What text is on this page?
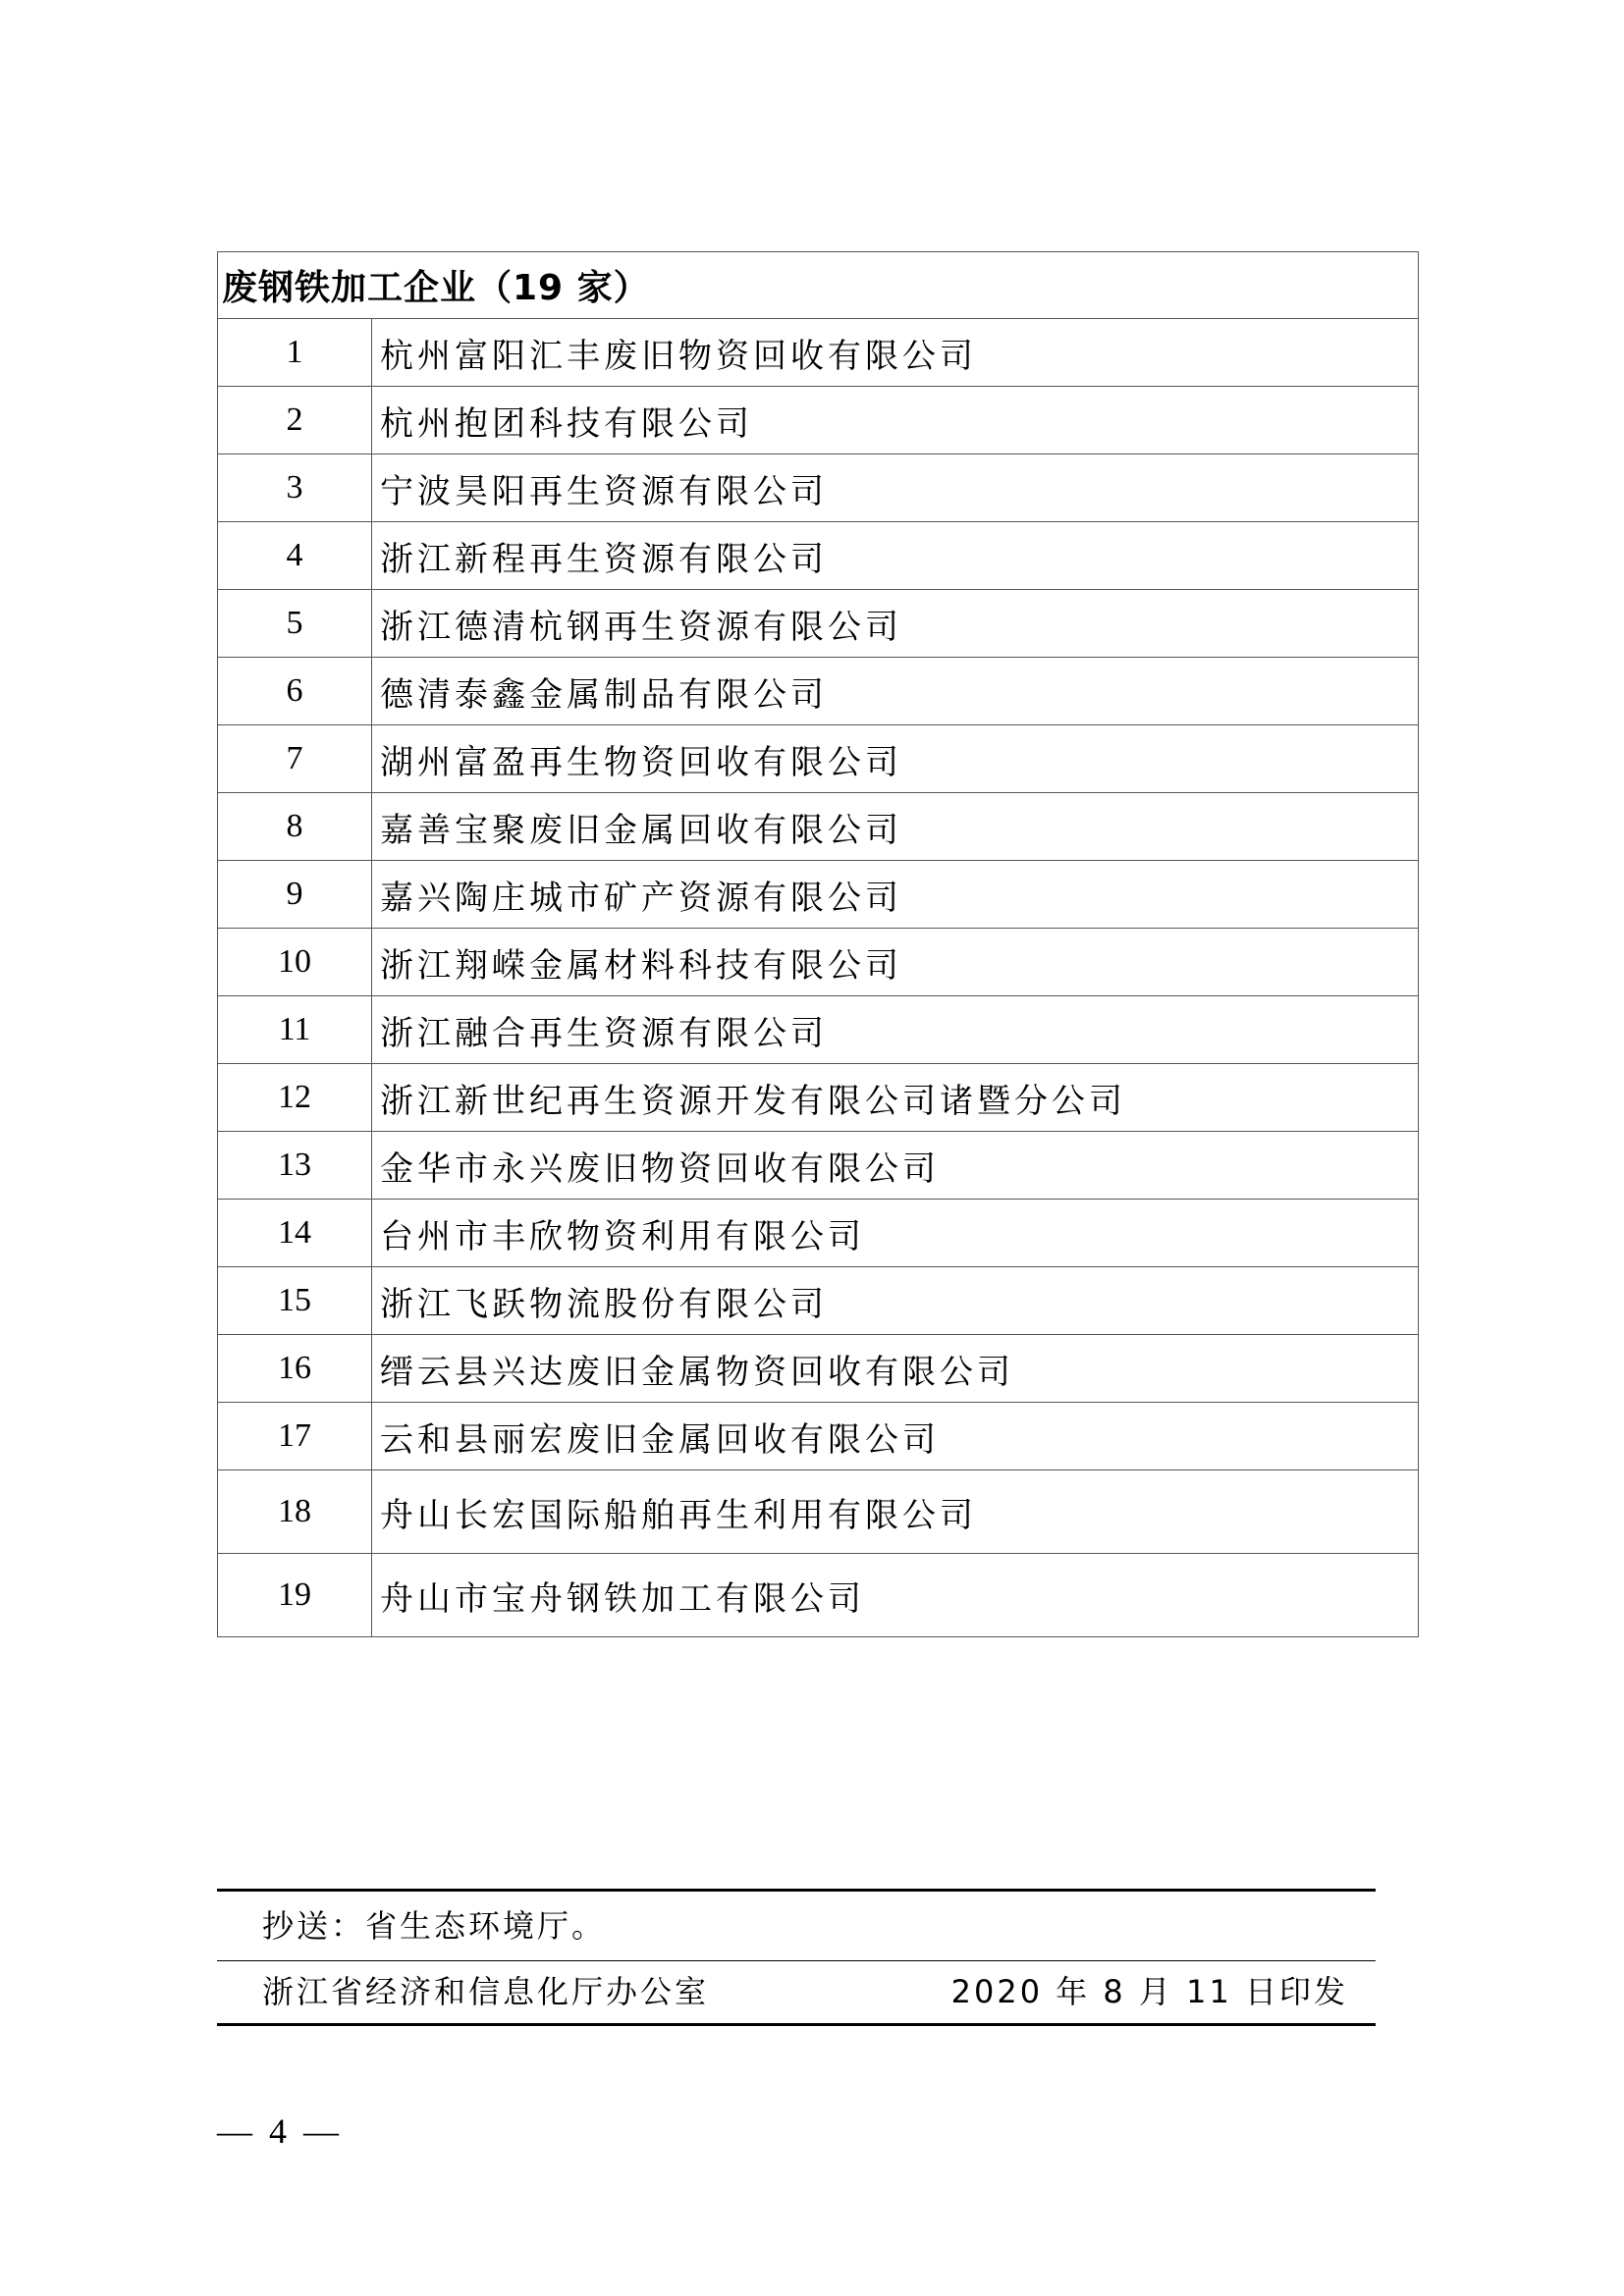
废钢铁加工企业（19 家）	
1	杭州富阳汇丰废旧物资回收有限公司
2	杭州抱团科技有限公司
3	宁波昊阳再生资源有限公司
4	浙江新程再生资源有限公司
5	浙江德清杭钢再生资源有限公司
6	德清泰鑫金属制品有限公司
7	湖州富盈再生物资回收有限公司
8	嘉善宝聚废旧金属回收有限公司
9	嘉兴陶庄城市矿产资源有限公司
10	浙江翔嵘金属材料科技有限公司
11	浙江融合再生资源有限公司
12	浙江新世纪再生资源开发有限公司诸暨分公司
13	金华市永兴废旧物资回收有限公司
14	台州市丰欣物资利用有限公司
15	浙江飞跃物流股份有限公司
16	缙云县兴达废旧金属物资回收有限公司
17	云和县丽宏废旧金属回收有限公司
18	舟山长宏国际船舶再生利用有限公司
19	舟山市宝舟钢铁加工有限公司
抄送：省生态环境厅。
浙江省经济和信息化厅办公室	2020 年 8 月 11 日印发
— 4 —
